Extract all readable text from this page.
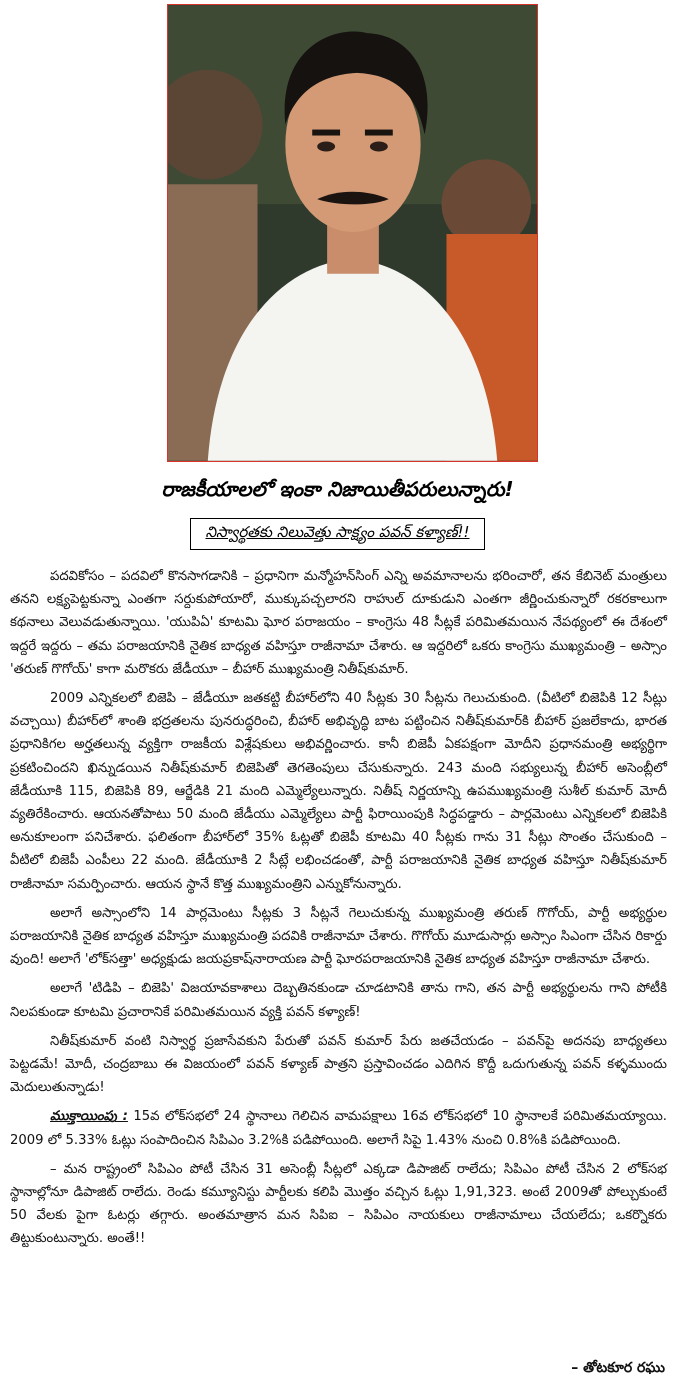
రాజకీయాలలో ఇంకా నిజాయితీపరులున్నారు!
నిస్వార్థతకు నిలువెత్తు సాక్ష్యం పవన్ కళ్యాణ్!!

పదవికోసం – పదవిలో కొనసాగడానికి – ప్రధానిగా మన్మోహన్‌సింగ్ ఎన్ని అవమానాలను భరించారో, తన కేబినెట్ మంత్రులు తనని లక్ష్యపెట్టకున్నా ఎంతగా సర్దుకుపోయారో, ముక్కుపచ్చలారని రాహుల్ దూకుడుని ఎంతగా జీర్ణించుకున్నారో రకరకాలుగా కథనాలు వెలువడుతున్నాయి. 'యుపిఏ' కూటమి ఘోర పరాజయం – కాంగ్రెసు 48 సీట్లకే పరిమితమయిన నేపథ్యంలో ఈ దేశంలో ఇద్దరే ఇద్దరు – తమ పరాజయానికి నైతిక బాధ్యత వహిస్తూ రాజీనామా చేశారు. ఆ ఇద్దరిలో ఒకరు కాంగ్రెసు ముఖ్యమంత్రి – అస్సాం 'తరుణ్ గొగోయ్' కాగా మరొకరు జేడీయూ – బీహార్ ముఖ్యమంత్రి నితీష్‌కుమార్.

2009 ఎన్నికలలో బిజెపి – జేడీయూ జతకట్టి బీహార్‌లోని 40 సీట్లకు 30 సీట్లను గెలుచుకుంది. (వీటిలో బిజెపికి 12 సీట్లు వచ్చాయి) బీహార్‌లో శాంతి భద్రతలను పునరుద్ధరించి, బీహార్ అభివృద్ధి బాట పట్టించిన నితీష్‌కుమార్‌కి బీహార్ ప్రజలేకాదు, భారత ప్రధానికిగల అర్హతలున్న వ్యక్తిగా రాజకీయ విశ్లేషకులు అభివర్ణించారు. కానీ బిజెపీ ఏకపక్షంగా మోదీని ప్రధానమంత్రి అభ్యర్థిగా ప్రకటించిందని ఖిన్నుడయిన నితీష్‌కుమార్ బిజెపితో తెగతెంపులు చేసుకున్నారు. 243 మంది సభ్యులున్న బీహార్ అసెంబ్లీలో జేడీయూకి 115, బిజెపికి 89, ఆర్జేడికి 21 మంది ఎమ్మెల్యేలున్నారు. నితీష్ నిర్ణయాన్ని ఉపముఖ్యమంత్రి సుశీల్ కుమార్ మోదీ వ్యతిరేకించారు. ఆయనతోపాటు 50 మంది జేడీయు ఎమ్మెల్యేలు పార్టీ ఫిరాయింపుకి సిద్ధపడ్డారు – పార్లమెంటు ఎన్నికలలో బిజెపికి అనుకూలంగా పనిచేశారు. ఫలితంగా బీహార్‌లో 35% ఓట్లతో బిజెపీ కూటమి 40 సీట్లకు గాను 31 సీట్లు సొంతం చేసుకుంది – వీటిలో బిజెపీ ఎంపీలు 22 మంది. జేడీయూకి 2 సీట్లే లభించడంతో, పార్టీ పరాజయానికి నైతిక బాధ్యత వహిస్తూ నితీష్‌కుమార్ రాజీనామా సమర్పించారు. ఆయన స్థానే కొత్త ముఖ్యమంత్రిని ఎన్నుకోనున్నారు.

అలాగే అస్సాంలోని 14 పార్లమెంటు సీట్లకు 3 సీట్లనే గెలుచుకున్న ముఖ్యమంత్రి తరుణ్ గొగోయ్, పార్టీ అభ్యర్థుల పరాజయానికి నైతిక బాధ్యత వహిస్తూ ముఖ్యమంత్రి పదవికి రాజీనామా చేశారు. గొగోయ్ మూడుసార్లు అస్సాం సిఎంగా చేసిన రికార్డు వుంది! అలాగే 'లోక్‌సత్తా' అధ్యక్షుడు జయప్రకాష్‌నారాయణ పార్టీ ఘోరపరాజయానికి నైతిక బాధ్యత వహిస్తూ రాజీనామా చేశారు.

అలాగే 'టిడిపి – బిజెపి' విజయావకాశాలు దెబ్బతినకుండా చూడటానికి తాను గాని, తన పార్టీ అభ్యర్థులను గాని పోటీకి నిలపకుండా కూటమి ప్రచారానికే పరిమితమయిన వ్యక్తి పవన్ కళ్యాణ్!

నితీష్‌కుమార్ వంటి నిస్వార్థ ప్రజాసేవకుని పేరుతో పవన్ కుమార్ పేరు జతచేయడం – పవన్‌పై అదనపు బాధ్యతలు పెట్టడమే! మోదీ, చంద్రబాబు ఈ విజయంలో పవన్ కళ్యాణ్ పాత్రని ప్రస్తావించడం ఎదిగిన కొద్దీ ఒదుగుతున్న పవన్ కళ్ళముందు మెదులుతున్నాడు!

ముక్తాయింపు : 15వ లోక్‌సభలో 24 స్థానాలు గెలిచిన వామపక్షాలు 16వ లోక్‌సభలో 10 స్థానాలకే పరిమితమయ్యాయి. 2009 లో 5.33% ఓట్లు సంపాదించిన సిపిఎం 3.2%కి పడిపోయింది. అలాగే సిపై 1.43% నుంచి 0.8%కి పడిపోయింది.

– మన రాష్ట్రంలో సిపిఎం పోటీ చేసిన 31 అసెంబ్లీ సీట్లలో ఎక్కడా డిపాజిట్ రాలేదు; సిపిఎం పోటీ చేసిన 2 లోక్‌సభ స్థానాల్లోనూ డిపాజిట్ రాలేదు. రెండు కమ్యూనిస్టు పార్టీలకు కలిపి మొత్తం వచ్చిన ఓట్లు 1,91,323. అంటే 2009తో పోల్చుకుంటే 50 వేలకు పైగా ఓటర్లు తగ్గారు. అంతమాత్రాన మన సిపిఐ – సిపిఎం నాయకులు రాజీనామాలు చేయలేదు; ఒకర్నొకరు తిట్టుకుంటున్నారు. అంతే!!

– తోటకూర రఘు
